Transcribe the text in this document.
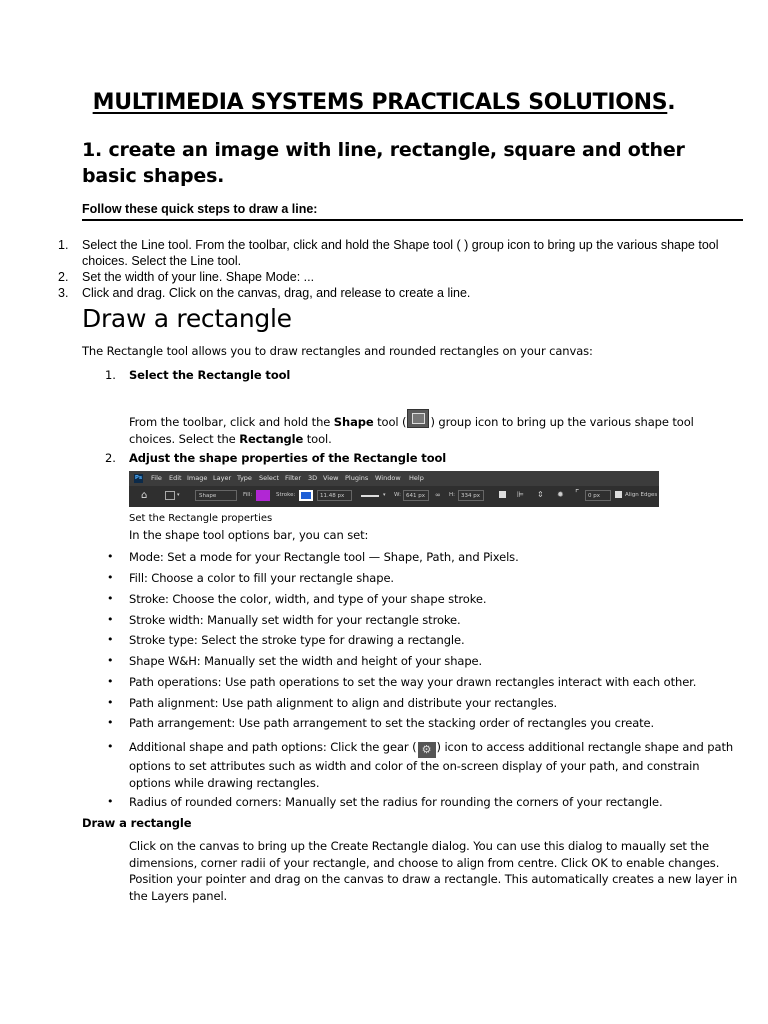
MULTIMEDIA SYSTEMS PRACTICALS SOLUTIONS.
1. create an image with line, rectangle, square and other basic shapes.
Follow these quick steps to draw a line:
1. Select the Line tool. From the toolbar, click and hold the Shape tool ( ) group icon to bring up the various shape tool choices. Select the Line tool.
2. Set the width of your line. Shape Mode: ...
3. Click and drag. Click on the canvas, drag, and release to create a line.
Draw a rectangle
The Rectangle tool allows you to draw rectangles and rounded rectangles on your canvas:
1. Select the Rectangle tool
From the toolbar, click and hold the Shape tool ( ) group icon to bring up the various shape tool choices. Select the Rectangle tool.
2. Adjust the shape properties of the Rectangle tool
Ps File Edit Image Layer Type Select Filter 3D View Plugins Window Help
⌂	▾	Shape	Fill:	Stroke:	11.48 px	▾ W: 641 px	∞ H:	334 px	⊫ ⇕ ✹ ⌜	0 px	Align Edges
Set the Rectangle properties
In the shape tool options bar, you can set:
• Mode: Set a mode for your Rectangle tool — Shape, Path, and Pixels.
• Fill: Choose a color to fill your rectangle shape.
• Stroke: Choose the color, width, and type of your shape stroke.
• Stroke width: Manually set width for your rectangle stroke.
• Stroke type: Select the stroke type for drawing a rectangle.
• Shape W&H: Manually set the width and height of your shape.
• Path operations: Use path operations to set the way your drawn rectangles interact with each other.
• Path alignment: Use path alignment to align and distribute your rectangles.
• Path arrangement: Use path arrangement to set the stacking order of rectangles you create.
• Additional shape and path options: Click the gear ( ⚙ ) icon to access additional rectangle shape and path options to set attributes such as width and color of the on-screen display of your path, and constrain options while drawing rectangles.
• Radius of rounded corners: Manually set the radius for rounding the corners of your rectangle.
Draw a rectangle
Click on the canvas to bring up the Create Rectangle dialog. You can use this dialog to maually set the dimensions, corner radii of your rectangle, and choose to align from centre. Click OK to enable changes. Position your pointer and drag on the canvas to draw a rectangle. This automatically creates a new layer in the Layers panel.
